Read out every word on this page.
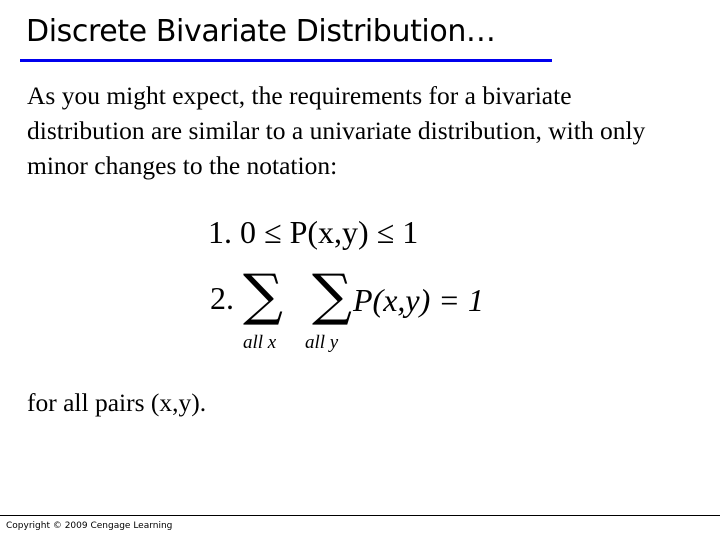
Discrete Bivariate Distribution…
As you might expect, the requirements for a bivariate
distribution are similar to a univariate distribution, with only
minor changes to the notation:
1. 0 ≤ P(x,y) ≤ 1
2. ∑ ∑ P(x,y) = 1
all x all y
for all pairs (x,y).
Copyright © 2009 Cengage Learning
